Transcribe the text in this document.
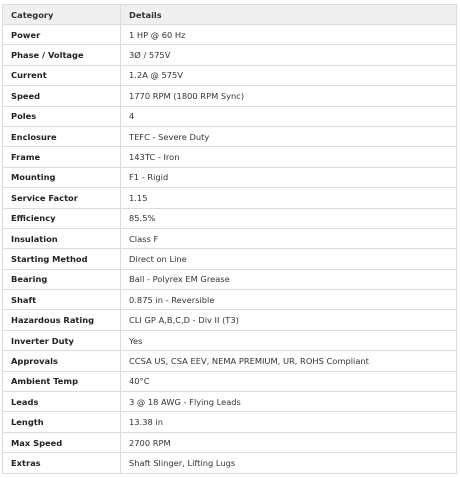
Category	Details
Power	1 HP @ 60 Hz
Phase / Voltage	3Ø / 575V
Current	1.2A @ 575V
Speed	1770 RPM (1800 RPM Sync)
Poles	4
Enclosure	TEFC - Severe Duty
Frame	143TC - Iron
Mounting	F1 - Rigid
Service Factor	1.15
Efficiency	85.5%
Insulation	Class F
Starting Method	Direct on Line
Bearing	Ball - Polyrex EM Grease
Shaft	0.875 in - Reversible
Hazardous Rating	CLI GP A,B,C,D - Div II (T3)
Inverter Duty	Yes
Approvals	CCSA US, CSA EEV, NEMA PREMIUM, UR, ROHS Compliant
Ambient Temp	40°C
Leads	3 @ 18 AWG - Flying Leads
Length	13.38 in
Max Speed	2700 RPM
Extras	Shaft Slinger, Lifting Lugs
